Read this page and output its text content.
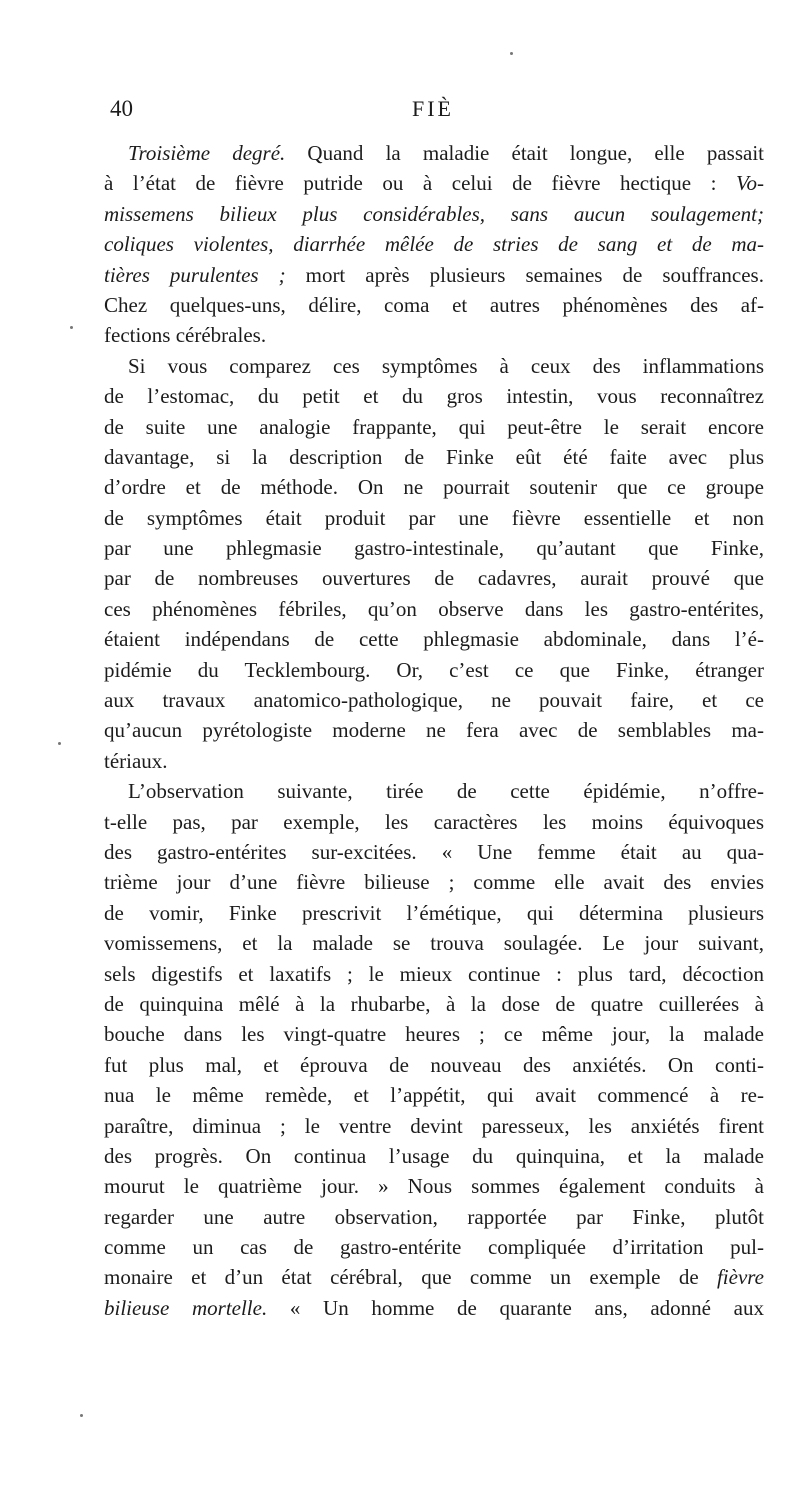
40	FIÈ
Troisième degré. Quand la maladie était longue, elle passait
à l’état de fièvre putride ou à celui de fièvre hectique : Vo-
missemens bilieux plus considérables, sans aucun soulagement;
coliques violentes, diarrhée mêlée de stries de sang et de ma-
tières purulentes ; mort après plusieurs semaines de souffrances.
Chez quelques-uns, délire, coma et autres phénomènes des af-
fections cérébrales.
Si vous comparez ces symptômes à ceux des inflammations
de l’estomac, du petit et du gros intestin, vous reconnaîtrez
de suite une analogie frappante, qui peut-être le serait encore
davantage, si la description de Finke eût été faite avec plus
d’ordre et de méthode. On ne pourrait soutenir que ce groupe
de symptômes était produit par une fièvre essentielle et non
par une phlegmasie gastro-intestinale, qu’autant que Finke,
par de nombreuses ouvertures de cadavres, aurait prouvé que
ces phénomènes fébriles, qu’on observe dans les gastro-entérites,
étaient indépendans de cette phlegmasie abdominale, dans l’é-
pidémie du Tecklembourg. Or, c’est ce que Finke, étranger
aux travaux anatomico-pathologique, ne pouvait faire, et ce
qu’aucun pyrétologiste moderne ne fera avec de semblables ma-
tériaux.
L’observation suivante, tirée de cette épidémie, n’offre-
t-elle pas, par exemple, les caractères les moins équivoques
des gastro-entérites sur-excitées. « Une femme était au qua-
trième jour d’une fièvre bilieuse ; comme elle avait des envies
de vomir, Finke prescrivit l’émétique, qui détermina plusieurs
vomissemens, et la malade se trouva soulagée. Le jour suivant,
sels digestifs et laxatifs ; le mieux continue : plus tard, décoction
de quinquina mêlé à la rhubarbe, à la dose de quatre cuillerées à
bouche dans les vingt-quatre heures ; ce même jour, la malade
fut plus mal, et éprouva de nouveau des anxiétés. On conti-
nua le même remède, et l’appétit, qui avait commencé à re-
paraître, diminua ; le ventre devint paresseux, les anxiétés firent
des progrès. On continua l’usage du quinquina, et la malade
mourut le quatrième jour. » Nous sommes également conduits à
regarder une autre observation, rapportée par Finke, plutôt
comme un cas de gastro-entérite compliquée d’irritation pul-
monaire et d’un état cérébral, que comme un exemple de fièvre
bilieuse mortelle. « Un homme de quarante ans, adonné aux
